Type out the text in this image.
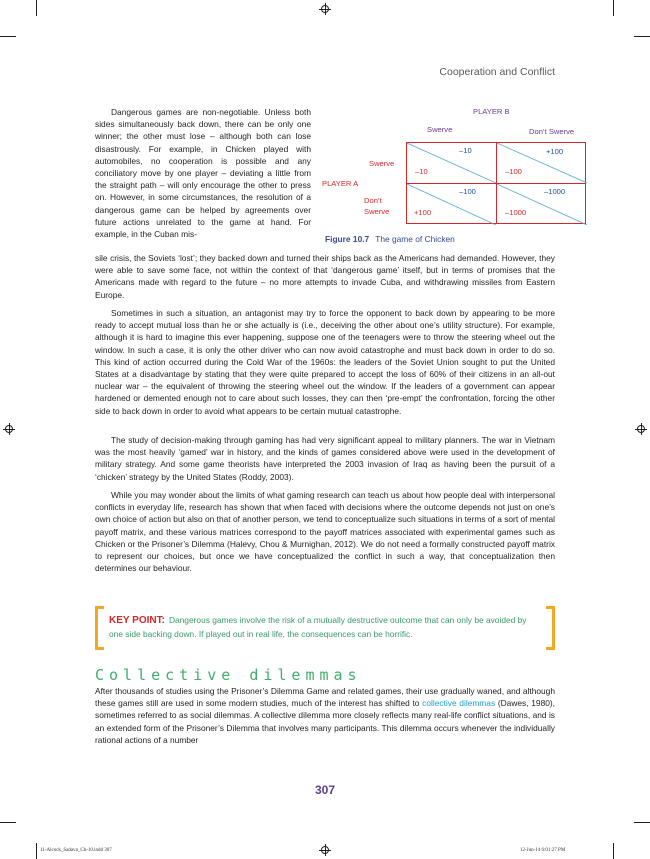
Cooperation and Conflict
Dangerous games are non-negotiable. Unless both sides simultaneously back down, there can be only one winner; the other must lose – although both can lose disastrously. For example, in Chicken played with automobiles, no cooperation is possible and any conciliatory move by one player – deviating a little from the straight path – will only encourage the other to press on. However, in some circumstances, the resolution of a dangerous game can be helped by agreements over future actions unrelated to the game at hand. For example, in the Cuban mis-
PLAYER B
Swerve	Don’t Swerve
Swerve
PLAYER A
Don’t
Swerve
–10
–10
+100
–100
–100
+100
–1000
–1000
Figure 10.7 The game of Chicken
sile crisis, the Soviets ‘lost’; they backed down and turned their ships back as the Americans had demanded. However, they were able to save some face, not within the context of that ‘dangerous game’ itself, but in terms of promises that the Americans made with regard to the future – no more attempts to invade Cuba, and withdrawing missiles from Eastern Europe.
Sometimes in such a situation, an antagonist may try to force the opponent to back down by appearing to be more ready to accept mutual loss than he or she actually is (i.e., deceiving the other about one’s utility structure). For example, although it is hard to imagine this ever happening, suppose one of the teenagers were to throw the steering wheel out the window. In such a case, it is only the other driver who can now avoid catastrophe and must back down in order to do so. This kind of action occurred during the Cold War of the 1960s: the leaders of the Soviet Union sought to put the United States at a disadvantage by stating that they were quite prepared to accept the loss of 60% of their citizens in an all-out nuclear war – the equivalent of throwing the steering wheel out the window. If the leaders of a government can appear hardened or demented enough not to care about such losses, they can then ‘pre-empt’ the confrontation, forcing the other side to back down in order to avoid what appears to be certain mutual catastrophe.
The study of decision-making through gaming has had very significant appeal to military planners. The war in Vietnam was the most heavily ‘gamed’ war in history, and the kinds of games considered above were used in the development of military strategy. And some game theorists have interpreted the 2003 invasion of Iraq as having been the pursuit of a ‘chicken’ strategy by the United States (Roddy, 2003).
While you may wonder about the limits of what gaming research can teach us about how people deal with interpersonal conflicts in everyday life, research has shown that when faced with decisions where the outcome depends not just on one’s own choice of action but also on that of another person, we tend to conceptualize such situations in terms of a sort of mental payoff matrix, and these various matrices correspond to the payoff matrices associated with experimental games such as Chicken or the Prisoner’s Dilemma (Halevy, Chou & Murnighan, 2012). We do not need a formally constructed payoff matrix to represent our choices, but once we have conceptualized the conflict in such a way, that conceptualization then determines our behaviour.
KEY POINT: Dangerous games involve the risk of a mutually destructive outcome that can only be avoided by one side backing down. If played out in real life, the consequences can be horrific.
Collective dilemmas
After thousands of studies using the Prisoner’s Dilemma Game and related games, their use gradually waned, and although these games still are used in some modern studies, much of the interest has shifted to collective dilemmas (Dawes, 1980), sometimes referred to as social dilemmas. A collective dilemma more closely reflects many real-life conflict situations, and is an extended form of the Prisoner’s Dilemma that involves many participants. This dilemma occurs whenever the individually rational actions of a number
307
11-Alcock_Sadava_Ch-10.indd 307	12-Jun-14 6:01:27 PM
